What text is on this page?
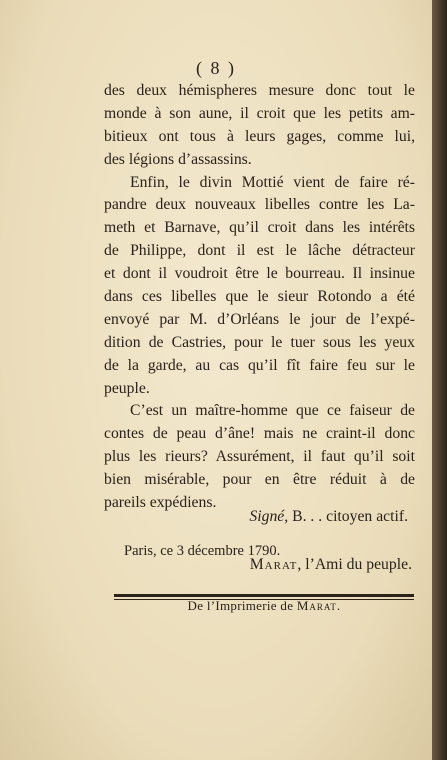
( 8 )
des deux hémispheres mesure donc tout le
monde à son aune, il croit que les petits am-
bitieux ont tous à leurs gages, comme lui,
des légions d’assassins.
Enfin, le divin Mottié vient de faire ré-
pandre deux nouveaux libelles contre les La-
meth et Barnave, qu’il croit dans les intérêts
de Philippe, dont il est le lâche détracteur
et dont il voudroit être le bourreau. Il insinue
dans ces libelles que le sieur Rotondo a été
envoyé par M. d’Orléans le jour de l’expé-
dition de Castries, pour le tuer sous les yeux
de la garde, au cas qu’il fît faire feu sur le
peuple.
C’est un maître-homme que ce faiseur de
contes de peau d’âne! mais ne craint-il donc
plus les rieurs? Assurément, il faut qu’il soit
bien misérable, pour en être réduit à de
pareils expédiens.
Signé, B. . . citoyen actif.
Paris, ce 3 décembre 1790.
Marat, l’Ami du peuple.
De l’Imprimerie de Marat.
